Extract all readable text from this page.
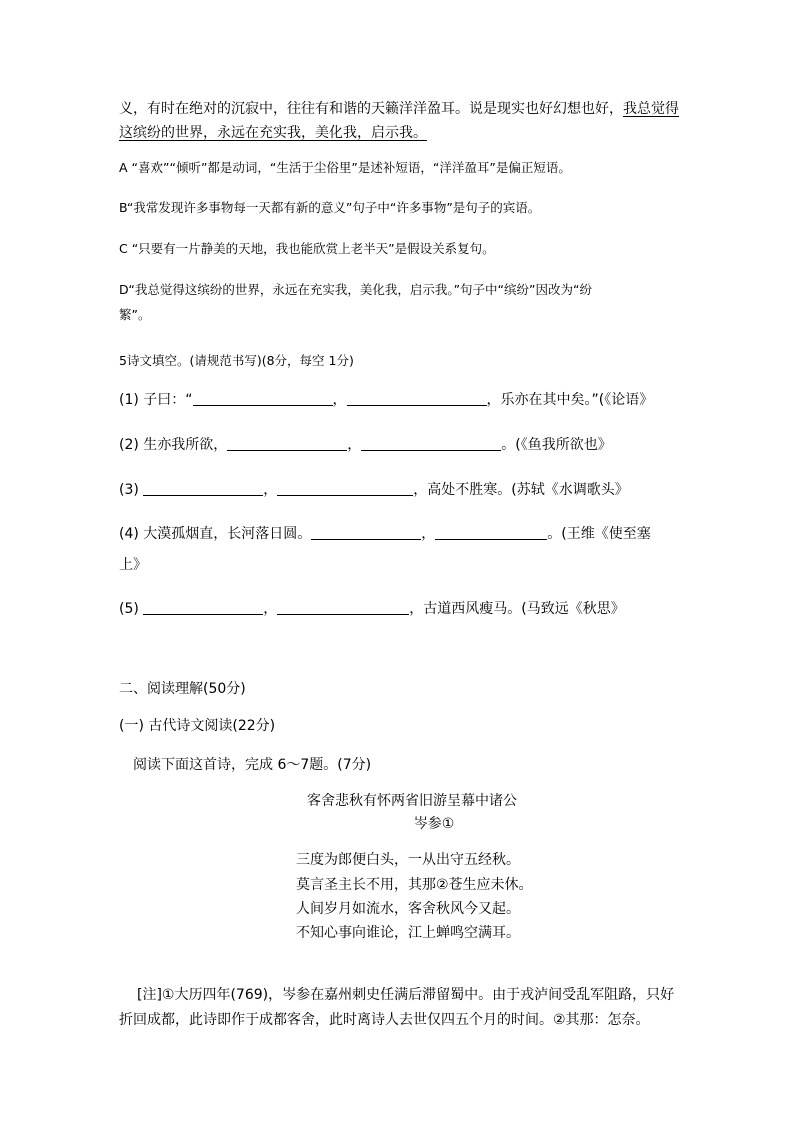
义，有时在绝对的沉寂中，往往有和谐的天籁洋洋盈耳。说是现实也好幻想也好，我总觉得
这缤纷的世界，永远在充实我，美化我，启示我。
A “喜欢”“倾听”都是动词，“生活于尘俗里”是述补短语，“洋洋盈耳”是偏正短语。
B“我常发现许多事物每一天都有新的意义”句子中“许多事物”是句子的宾语。
C “只要有一片静美的天地，我也能欣赏上老半天”是假设关系复句。
D“我总觉得这缤纷的世界，永远在充实我，美化我，启示我。”句子中“缤纷”因改为“纷
繁”。
5诗文填空。(请规范书写)(8分，每空 1分)
(1) 子曰：“	，	，乐亦在其中矣。”(《论语》
(2) 生亦我所欲，	，	。(《鱼我所欲也》
(3)	，	，高处不胜寒。(苏轼《水调歌头》
(4) 大漠孤烟直，长河落日圆。	，	。(王维《使至塞
上》
(5)	，	，古道西风瘦马。(马致远《秋思》
二、阅读理解(50分)
(一) 古代诗文阅读(22分)
阅读下面这首诗，完成 6～7题。(7分)
客舍悲秋有怀两省旧游呈幕中诸公
岑参①
三度为郎便白头，一从出守五经秋。
莫言圣主长不用，其那②苍生应未休。
人间岁月如流水，客舍秋风今又起。
不知心事向谁论，江上蝉鸣空满耳。
[注]①大历四年(769)，岑参在嘉州刺史任满后滞留蜀中。由于戎泸间受乱军阻路，只好
折回成都，此诗即作于成都客舍，此时离诗人去世仅四五个月的时间。②其那：怎奈。
